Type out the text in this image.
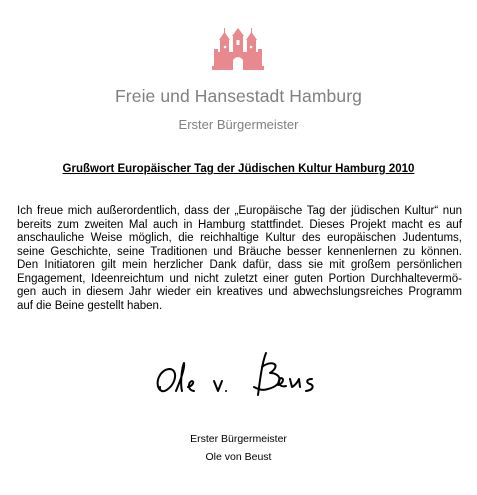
Freie und Hansestadt Hamburg
Erster Bürgermeister
Grußwort Europäischer Tag der Jüdischen Kultur Hamburg 2010
Ich freue mich außerordentlich, dass der „Europäische Tag der jüdischen Kultur“ nun
bereits zum zweiten Mal auch in Hamburg stattfindet. Dieses Projekt macht es auf
anschauliche Weise möglich, die reichhaltige Kultur des europäischen Judentums,
seine Geschichte, seine Traditionen und Bräuche besser kennenlernen zu können.
Den Initiatoren gilt mein herzlicher Dank dafür, dass sie mit großem persönlichen
Engagement, Ideenreichtum und nicht zuletzt einer guten Portion Durchhaltevermö-
gen auch in diesem Jahr wieder ein kreatives und abwechslungsreiches Programm
auf die Beine gestellt haben.
Erster Bürgermeister
Ole von Beust
